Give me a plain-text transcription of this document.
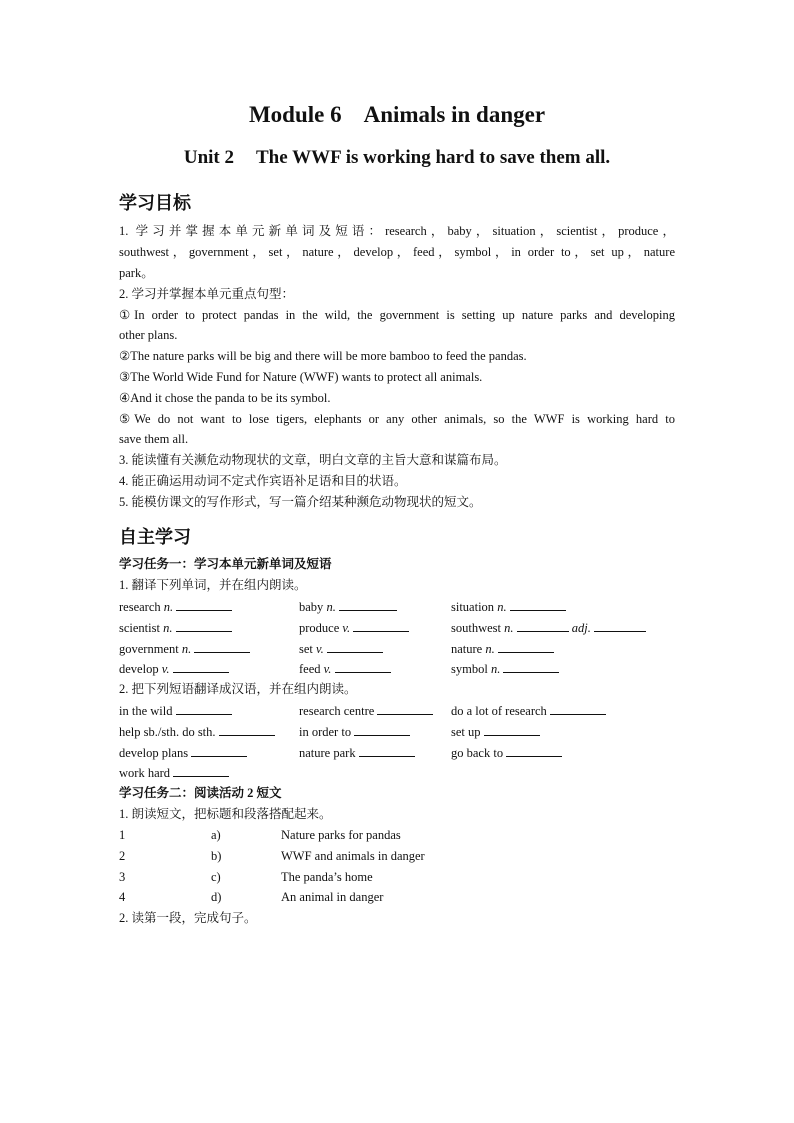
Module 6 Animals in danger
Unit 2 The WWF is working hard to save them all.
学习目标
1. 学习并掌握本单元新单词及短语：research，baby，situation，scientist，produce，
southwest，government，set，nature，develop，feed，symbol，in order to，set up，nature
park。
2. 学习并掌握本单元重点句型：
①In order to protect pandas in the wild, the government is setting up nature parks and developing
other plans.
②The nature parks will be big and there will be more bamboo to feed the pandas.
③The World Wide Fund for Nature (WWF) wants to protect all animals.
④And it chose the panda to be its symbol.
⑤We do not want to lose tigers, elephants or any other animals, so the WWF is working hard to
save them all.
3. 能读懂有关濒危动物现状的文章，明白文章的主旨大意和谋篇布局。
4. 能正确运用动词不定式作宾语补足语和目的状语。
5. 能模仿课文的写作形式，写一篇介绍某种濒危动物现状的短文。
自主学习
学习任务一：学习本单元新单词及短语
1. 翻译下列单词，并在组内朗读。
research n.	baby n.	situation n.
scientist n.	produce v.	southwest n.	adj.
government n.	set v.	nature n.
develop v.	feed v.	symbol n.
2. 把下列短语翻译成汉语，并在组内朗读。
in the wild	research centre	do a lot of research
help sb./sth. do sth.	in order to	set up
develop plans	nature park	go back to
work hard
学习任务二：阅读活动 2 短文
1. 朗读短文，把标题和段落搭配起来。
1	a)	Nature parks for pandas
2	b)	WWF and animals in danger
3	c)	The panda’s home
4	d)	An animal in danger
2. 读第一段，完成句子。
